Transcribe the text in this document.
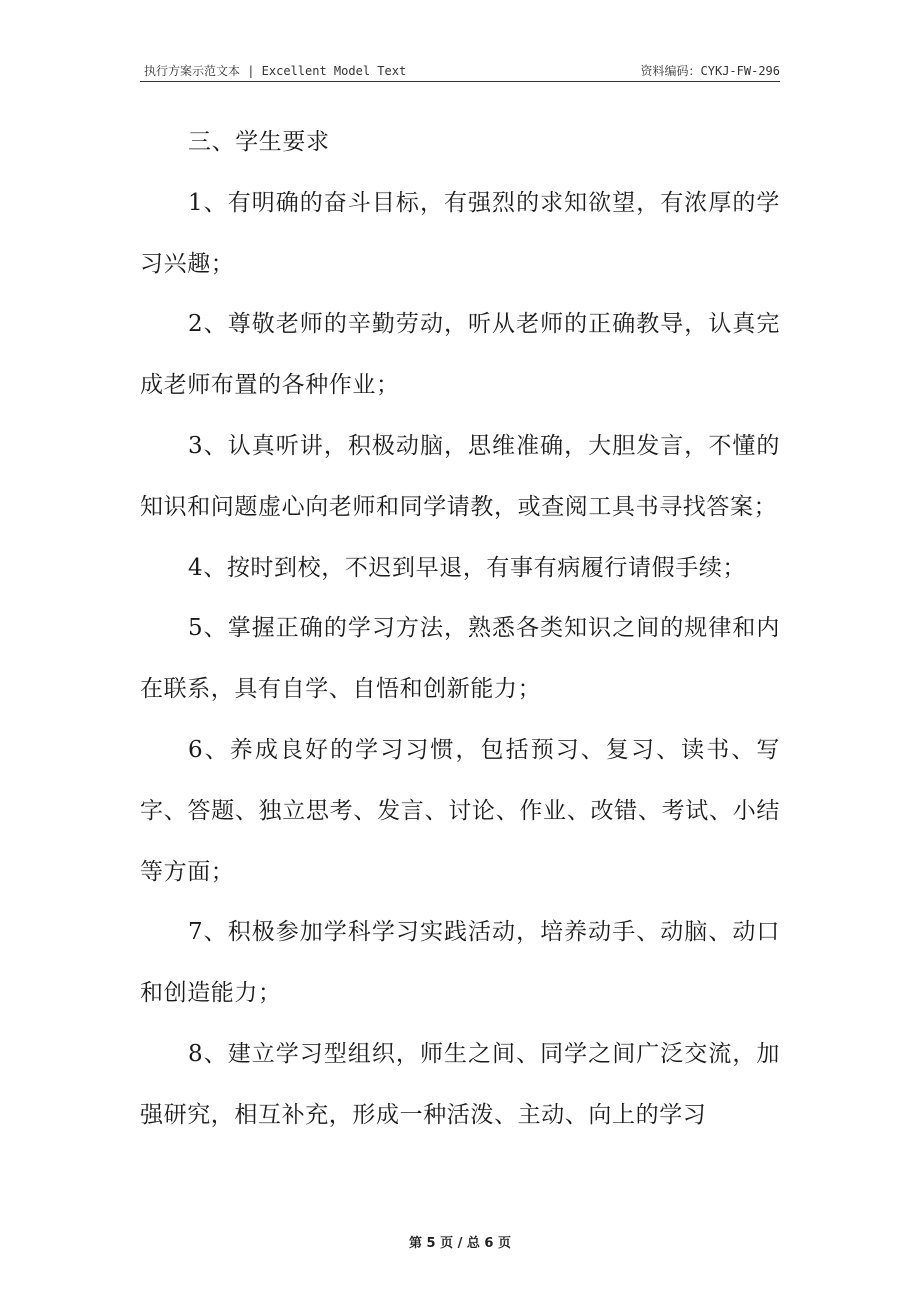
执行方案示范文本 | Excellent Model Text	资料编码：CYKJ-FW-296

三、学生要求

1、有明确的奋斗目标，有强烈的求知欲望，有浓厚的学习兴趣；

2、尊敬老师的辛勤劳动，听从老师的正确教导，认真完成老师布置的各种作业；

3、认真听讲，积极动脑，思维准确，大胆发言，不懂的知识和问题虚心向老师和同学请教，或查阅工具书寻找答案；

4、按时到校，不迟到早退，有事有病履行请假手续；

5、掌握正确的学习方法，熟悉各类知识之间的规律和内在联系，具有自学、自悟和创新能力；

6、养成良好的学习习惯，包括预习、复习、读书、写字、答题、独立思考、发言、讨论、作业、改错、考试、小结等方面；

7、积极参加学科学习实践活动，培养动手、动脑、动口和创造能力；

8、建立学习型组织，师生之间、同学之间广泛交流，加强研究，相互补充，形成一种活泼、主动、向上的学习

第 5 页 / 总 6 页
